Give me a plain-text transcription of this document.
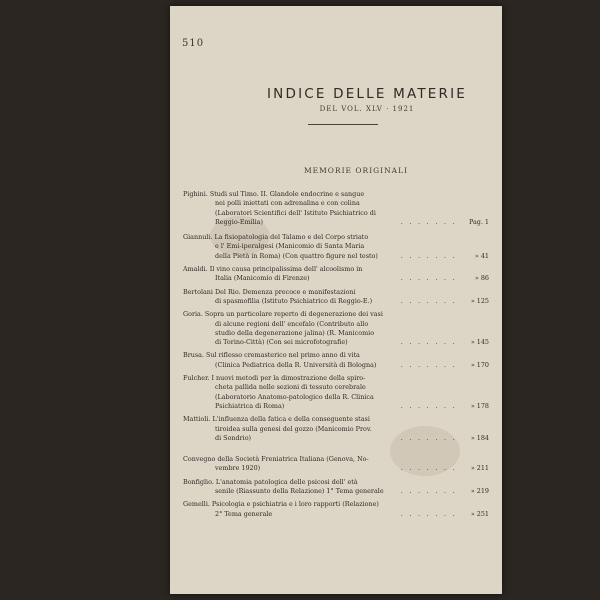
510
INDICE DELLE MATERIE
DEL VOL. XLV · 1921
MEMORIE ORIGINALI
Pighini. Studi sul Timo. II. Glandole endocrine e sangue
nei polli iniettati con adrenalina e con colina
(Laboratori Scientifici dell' Istituto Psichiatrico di
Reggio-Emilia)	. . . . . . . Pag. 1
Giannuli. La fisiopatologia del Talamo e del Corpo striato
e l' Emi-iperalgesi (Manicomio di Santa Maria
della Pietà in Roma) (Con quattro figure nel testo)	. . . . . . .	» 41
Amaldi. Il vino causa principalissima dell' alcoolismo in
Italia (Manicomio di Firenze)	. . . . . . .	» 86
Bertolani Del Rio. Demenza precoce e manifestazioni
di spasmofilia (Istituto Psichiatrico di Reggio-E.)	. . . . . . . » 125
Goria. Sopra un particolare reperto di degenerazione dei vasi
di alcune regioni dell' encefalo (Contributo allo
studio della degenerazione jalina) (R. Manicomio
di Torino-Città) (Con sei microfotografie)	. . . . . . . » 145
Brusa. Sul riflesso cremasterico nel primo anno di vita
(Clinica Pediatrica della R. Università di Bologna)	. . . . . . . » 170
Fulcher. I nuovi metodi per la dimostrazione della spiro-
cheta pallida nelle sezioni di tessuto cerebrale
(Laboratorio Anatomo-patologico della R. Clinica
Psichiatrica di Roma)	. . . . . . . » 178
Mattioli. L'influenza della fatica e della conseguente stasi
tiroidea sulla genesi del gozzo (Manicomio Prov.
di Sondrio)	. . . . . . . » 184
Convegno della Società Freniatrica Italiana (Genova, No-
vembre 1920)	. . . . . . . » 211
Bonfiglio. L'anatomia patologica delle psicosi dell' età
senile (Riassunto della Relazione) 1° Tema generale	. . . . . . . » 219
Gemelli. Psicologia e psichiatria e i loro rapporti (Relazione)
2° Tema generale	. . . . . . . » 251
